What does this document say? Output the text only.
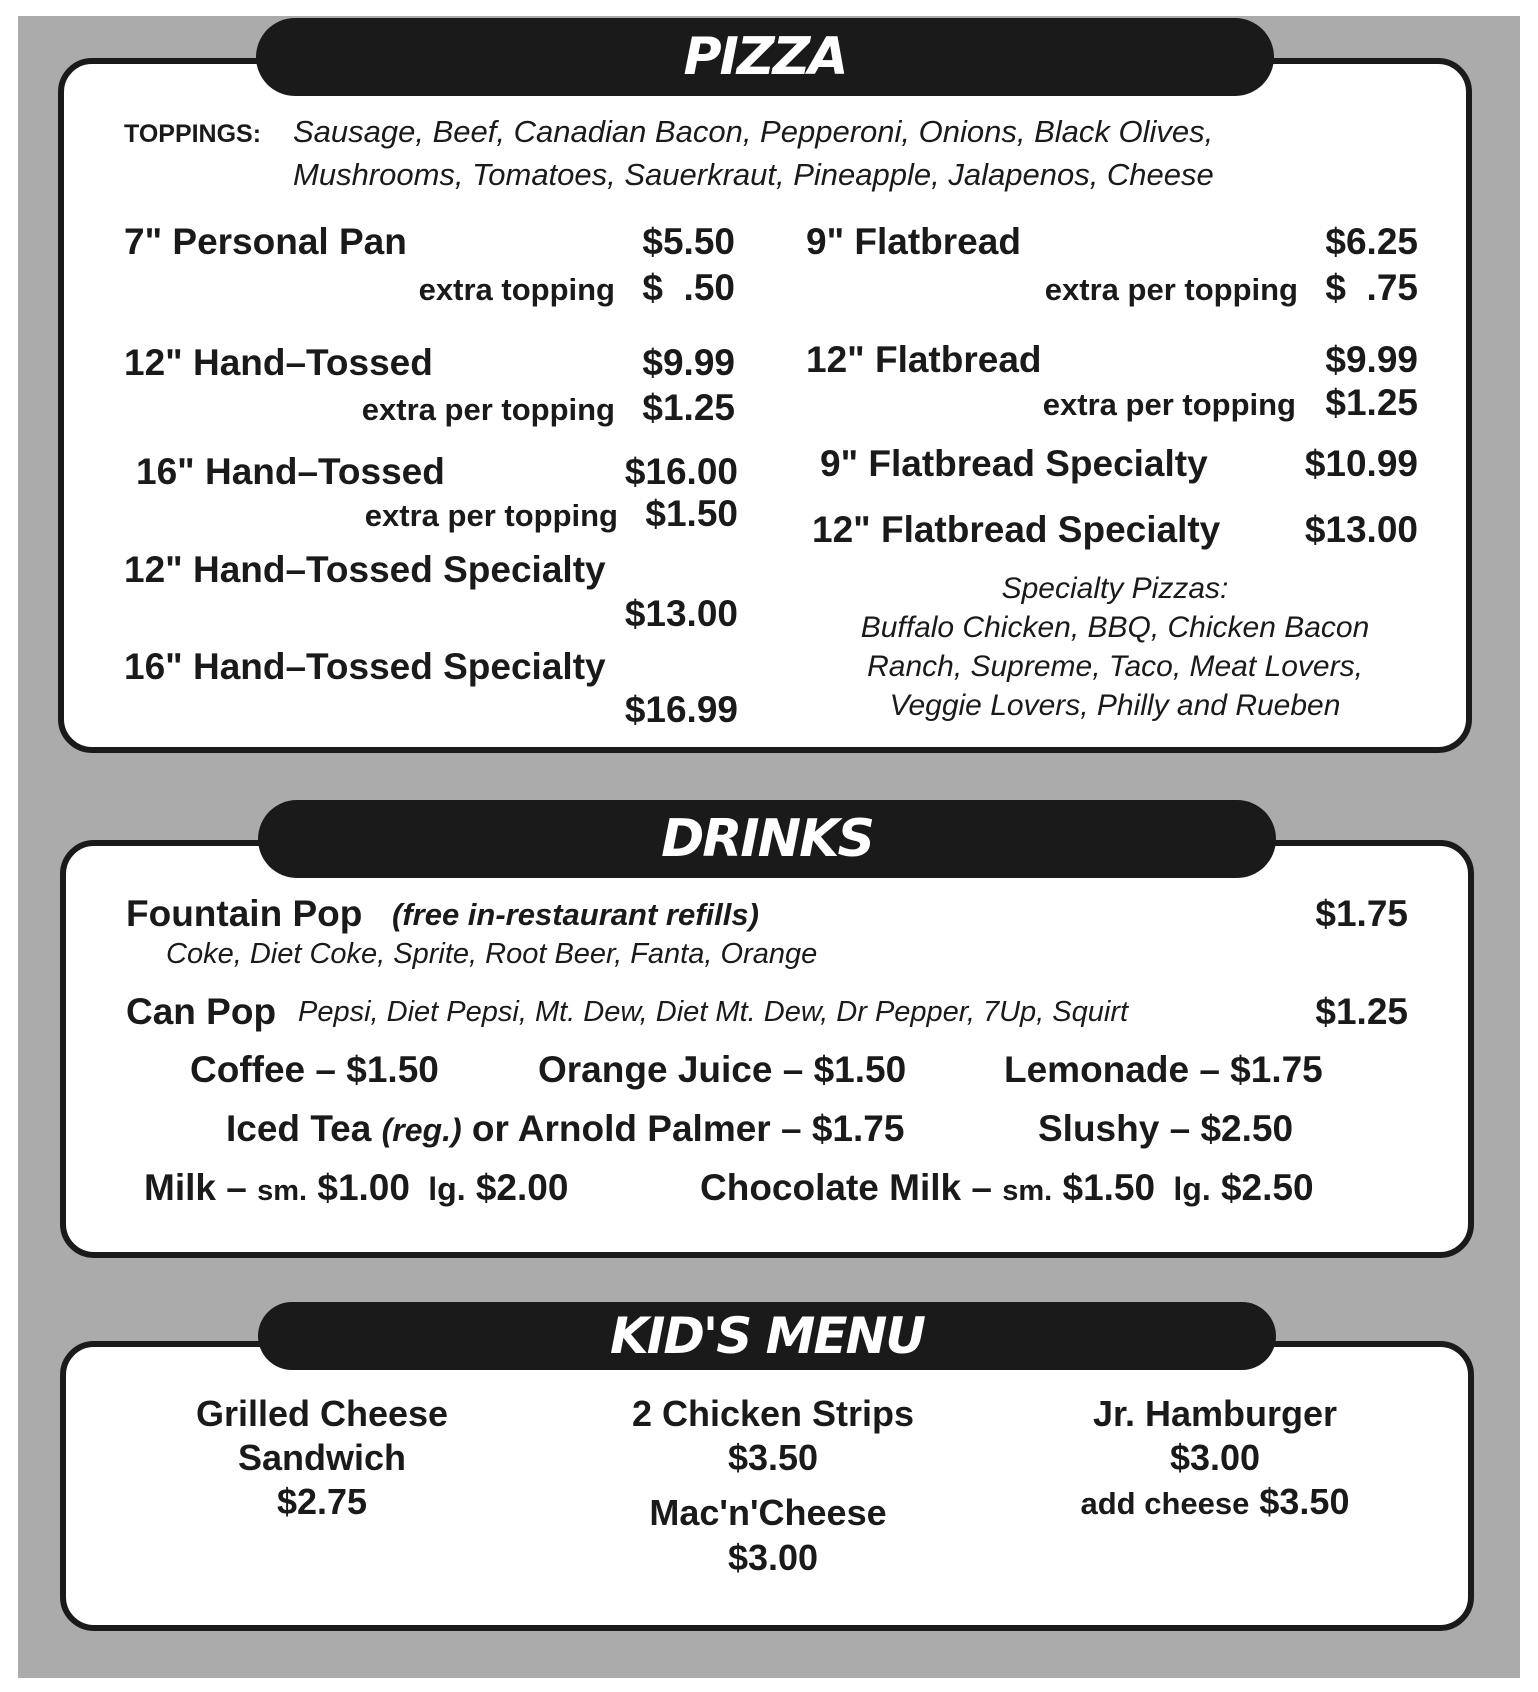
PIZZA
TOPPINGS: Sausage, Beef, Canadian Bacon, Pepperoni, Onions, Black Olives,
Mushrooms, Tomatoes, Sauerkraut, Pineapple, Jalapenos, Cheese
7" Personal Pan	$5.50
extra topping $  .50
12" Hand–Tossed	$9.99
extra per topping $1.25
16" Hand–Tossed	$16.00
extra per topping $1.50
12" Hand–Tossed Specialty
$13.00
16" Hand–Tossed Specialty
$16.99
9" Flatbread	$6.25
extra per topping $  .75
12" Flatbread	$9.99
extra per topping $1.25
9" Flatbread Specialty	$10.99
12" Flatbread Specialty $13.00
Specialty Pizzas:
Buffalo Chicken, BBQ, Chicken Bacon
Ranch, Supreme, Taco, Meat Lovers,
Veggie Lovers, Philly and Rueben
DRINKS
Fountain Pop (free in-restaurant refills)	$1.75
Coke, Diet Coke, Sprite, Root Beer, Fanta, Orange
Can Pop Pepsi, Diet Pepsi, Mt. Dew, Diet Mt. Dew, Dr Pepper, 7Up, Squirt	$1.25
Coffee – $1.50	Orange Juice – $1.50	Lemonade – $1.75
Iced Tea (reg.) or Arnold Palmer – $1.75	Slushy – $2.50
Milk – sm. $1.00 lg. $2.00	Chocolate Milk – sm. $1.50 lg. $2.50
KID'S MENU
Grilled Cheese
Sandwich
$2.75
2 Chicken Strips
$3.50
Mac'n'Cheese
$3.00
Jr. Hamburger
$3.00
add cheese $3.50
